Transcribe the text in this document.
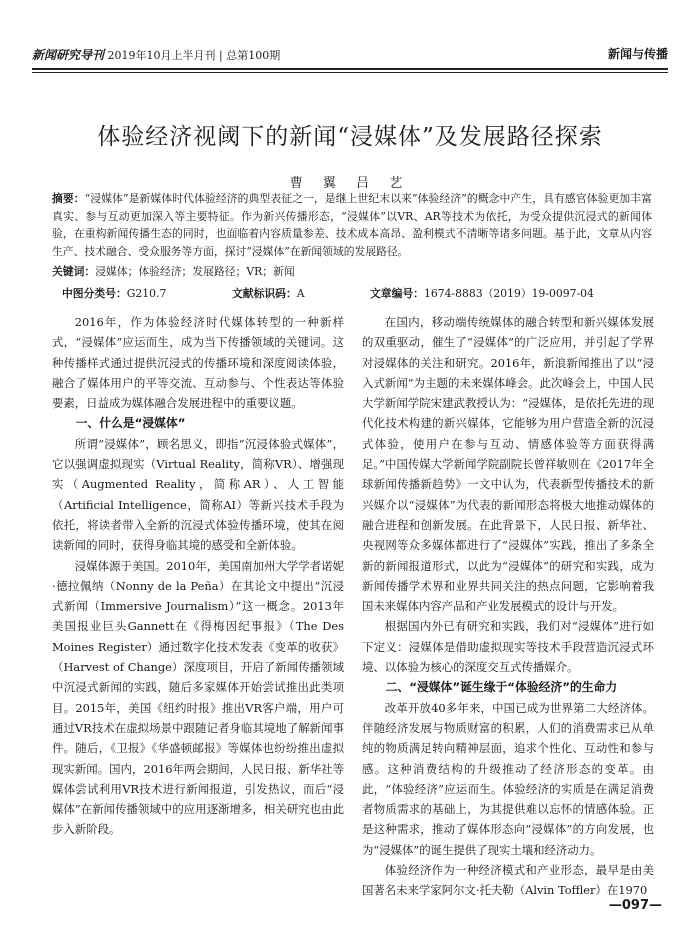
新闻研究导刊 2019年10月上半月刊 | 总第100期	新闻与传播
体验经济视阈下的新闻“浸媒体”及发展路径探索
曹 翼 吕 艺
摘要：“浸媒体”是新媒体时代体验经济的典型表征之一，是继上世纪末以来“体验经济”的概念中产生，具有感官体验更加丰富真实、参与互动更加深入等主要特征。作为新兴传播形态，“浸媒体”以VR、AR等技术为依托，为受众提供沉浸式的新闻体验，在重构新闻传播生态的同时，也面临着内容质量参差、技术成本高昂、盈利模式不清晰等诸多问题。基于此，文章从内容生产、技术融合、受众服务等方面，探讨“浸媒体”在新闻领域的发展路径。
关键词：浸媒体；体验经济；发展路径；VR；新闻
中图分类号：G210.7	文献标识码：A	文章编号：1674-8883（2019）19-0097-04

2016年，作为体验经济时代媒体转型的一种新样式，“浸媒体”应运而生，成为当下传播领域的关键词。这种传播样式通过提供沉浸式的传播环境和深度阅读体验，融合了媒体用户的平等交流、互动参与、个性表达等体验要素，日益成为媒体融合发展进程中的重要议题。

一、什么是“浸媒体”

所谓“浸媒体”，顾名思义，即指“沉浸体验式媒体”，它以强调虚拟现实（Virtual Reality，简称VR）、增强现实（Augmented Reality，简称AR）、人工智能（Artificial Intelligence，简称AI）等新兴技术手段为依托，将读者带入全新的沉浸式体验传播环境，使其在阅读新闻的同时，获得身临其境的感受和全新体验。

浸媒体源于美国。2010年，美国南加州大学学者诺妮·德拉佩纳（Nonny de la Peña）在其论文中提出“沉浸式新闻（Immersive Journalism）”这一概念。2013年美国报业巨头Gannett在《得梅因纪事报》（The Des Moines Register）通过数字化技术发表《变革的收获》（Harvest of Change）深度项目，开启了新闻传播领域中沉浸式新闻的实践，随后多家媒体开始尝试推出此类项目。2015年，美国《纽约时报》推出VR客户端，用户可通过VR技术在虚拟场景中跟随记者身临其境地了解新闻事件。随后，《卫报》《华盛顿邮报》等媒体也纷纷推出虚拟现实新闻。国内，2016年两会期间，人民日报、新华社等媒体尝试利用VR技术进行新闻报道，引发热议，而后“浸媒体”在新闻传播领域中的应用逐渐增多，相关研究也由此步入新阶段。

在国内，移动端传统媒体的融合转型和新兴媒体发展的双重驱动，催生了“浸媒体”的广泛应用，并引起了学界对浸媒体的关注和研究。2016年，新浪新闻推出了以“浸入式新闻”为主题的未来媒体峰会。此次峰会上，中国人民大学新闻学院宋建武教授认为：“浸媒体，是依托先进的现代化技术构建的新兴媒体，它能够为用户营造全新的沉浸式体验，使用户在参与互动、情感体验等方面获得满足。”中国传媒大学新闻学院副院长曾祥敏则在《2017年全球新闻传播新趋势》一文中认为，代表新型传播技术的新兴媒介以“浸媒体”为代表的新闻形态将极大地推动媒体的融合进程和创新发展。在此背景下，人民日报、新华社、央视网等众多媒体都进行了“浸媒体”实践，推出了多条全新的新闻报道形式，以此为“浸媒体”的研究和实践，成为新闻传播学术界和业界共同关注的热点问题，它影响着我国未来媒体内容产品和产业发展模式的设计与开发。

根据国内外已有研究和实践，我们对“浸媒体”进行如下定义：浸媒体是借助虚拟现实等技术手段营造沉浸式环境、以体验为核心的深度交互式传播媒介。

二、“浸媒体”诞生缘于“体验经济”的生命力

改革开放40多年来，中国已成为世界第二大经济体。伴随经济发展与物质财富的积累，人们的消费需求已从单纯的物质满足转向精神层面，追求个性化、互动性和参与感。这种消费结构的升级推动了经济形态的变革。由此，“体验经济”应运而生。体验经济的实质是在满足消费者物质需求的基础上，为其提供难以忘怀的情感体验。正是这种需求，推动了媒体形态向“浸媒体”的方向发展，也为“浸媒体”的诞生提供了现实土壤和经济动力。

体验经济作为一种经济模式和产业形态，最早是由美国著名未来学家阿尔文·托夫勒（Alvin Toffler）在1970

—097—
